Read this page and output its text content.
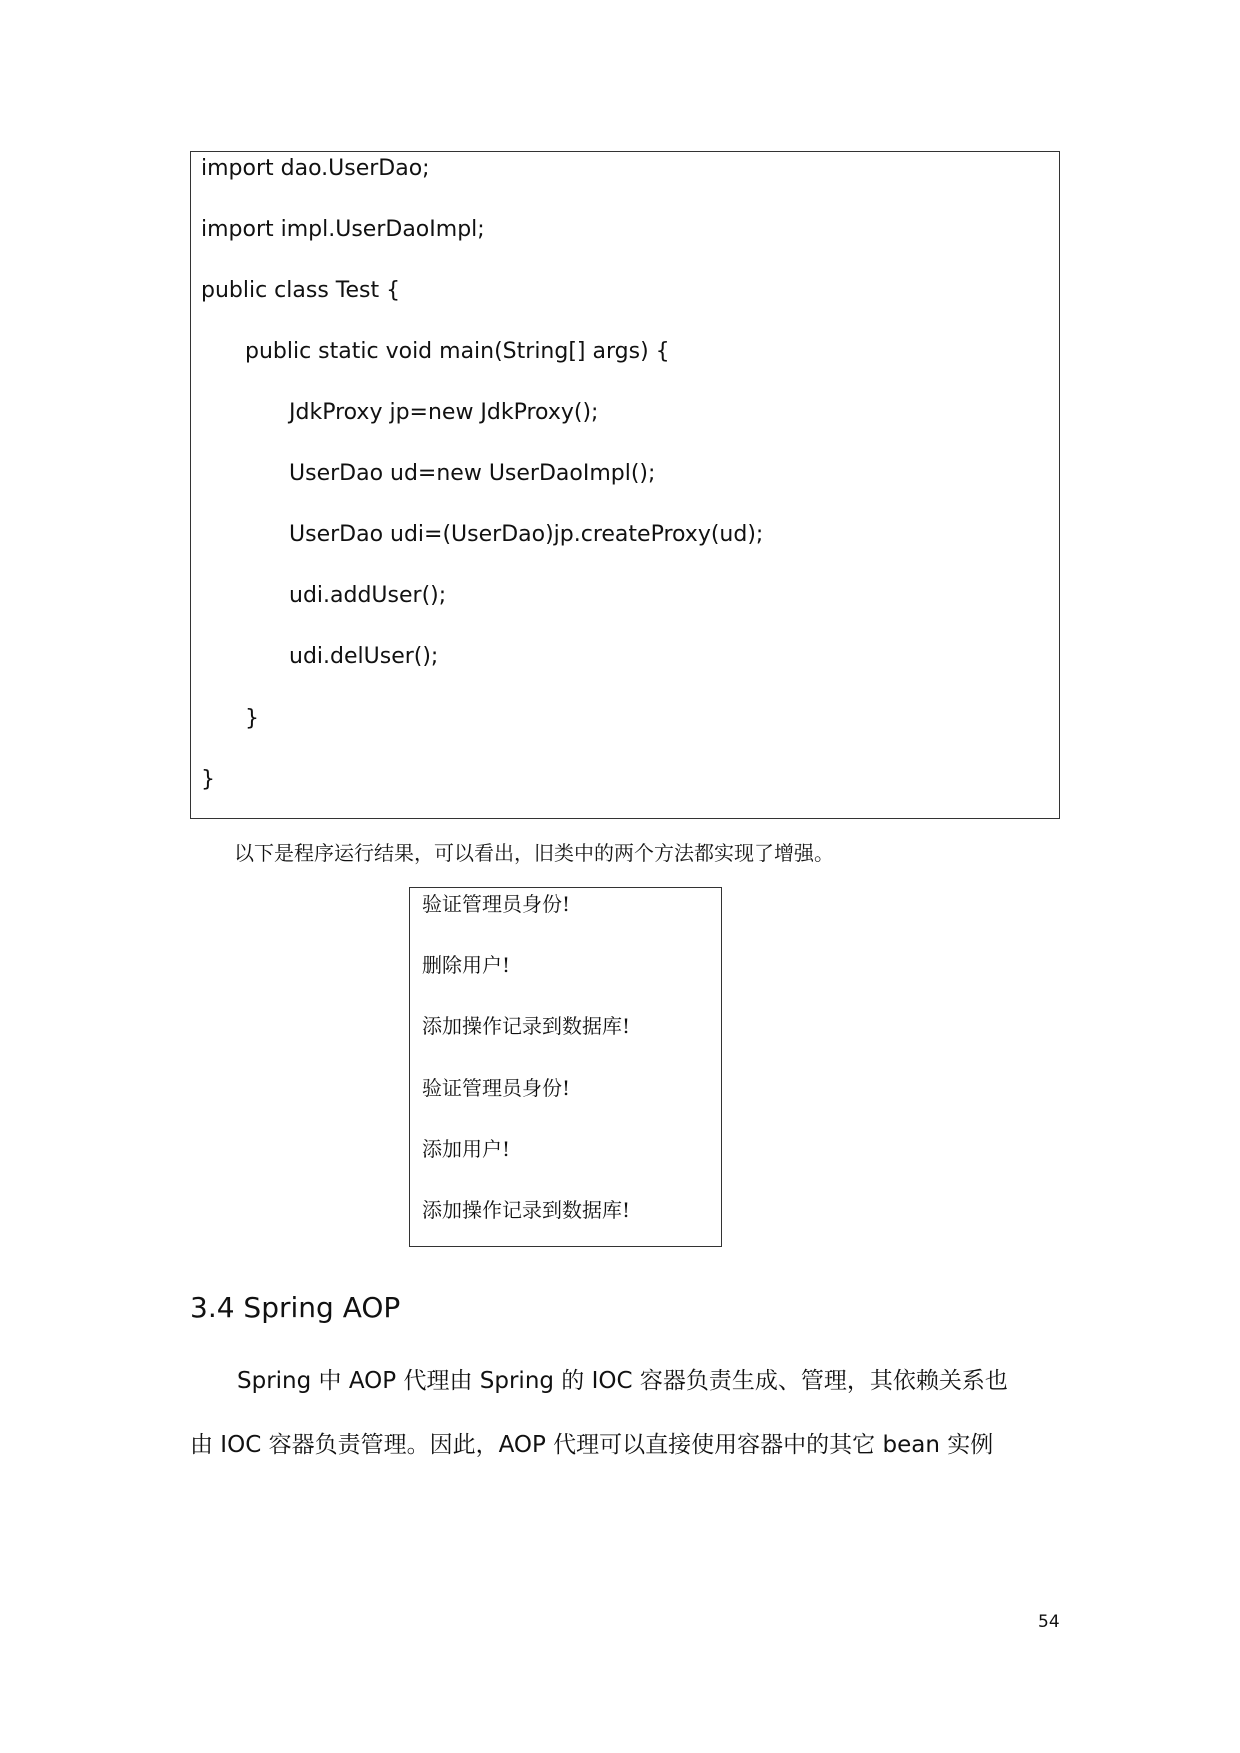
import dao.UserDao;
import impl.UserDaoImpl;
public class Test {
public static void main(String[] args) {
JdkProxy jp=new JdkProxy();
UserDao ud=new UserDaoImpl();
UserDao udi=(UserDao)jp.createProxy(ud);
udi.addUser();
udi.delUser();
}
}
以下是程序运行结果，可以看出，旧类中的两个方法都实现了增强。
验证管理员身份!
删除用户!
添加操作记录到数据库!
验证管理员身份!
添加用户!
添加操作记录到数据库!
3.4 Spring AOP
Spring 中 AOP 代理由 Spring 的 IOC 容器负责生成、管理，其依赖关系也
由 IOC 容器负责管理。因此，AOP 代理可以直接使用容器中的其它 bean 实例
54
